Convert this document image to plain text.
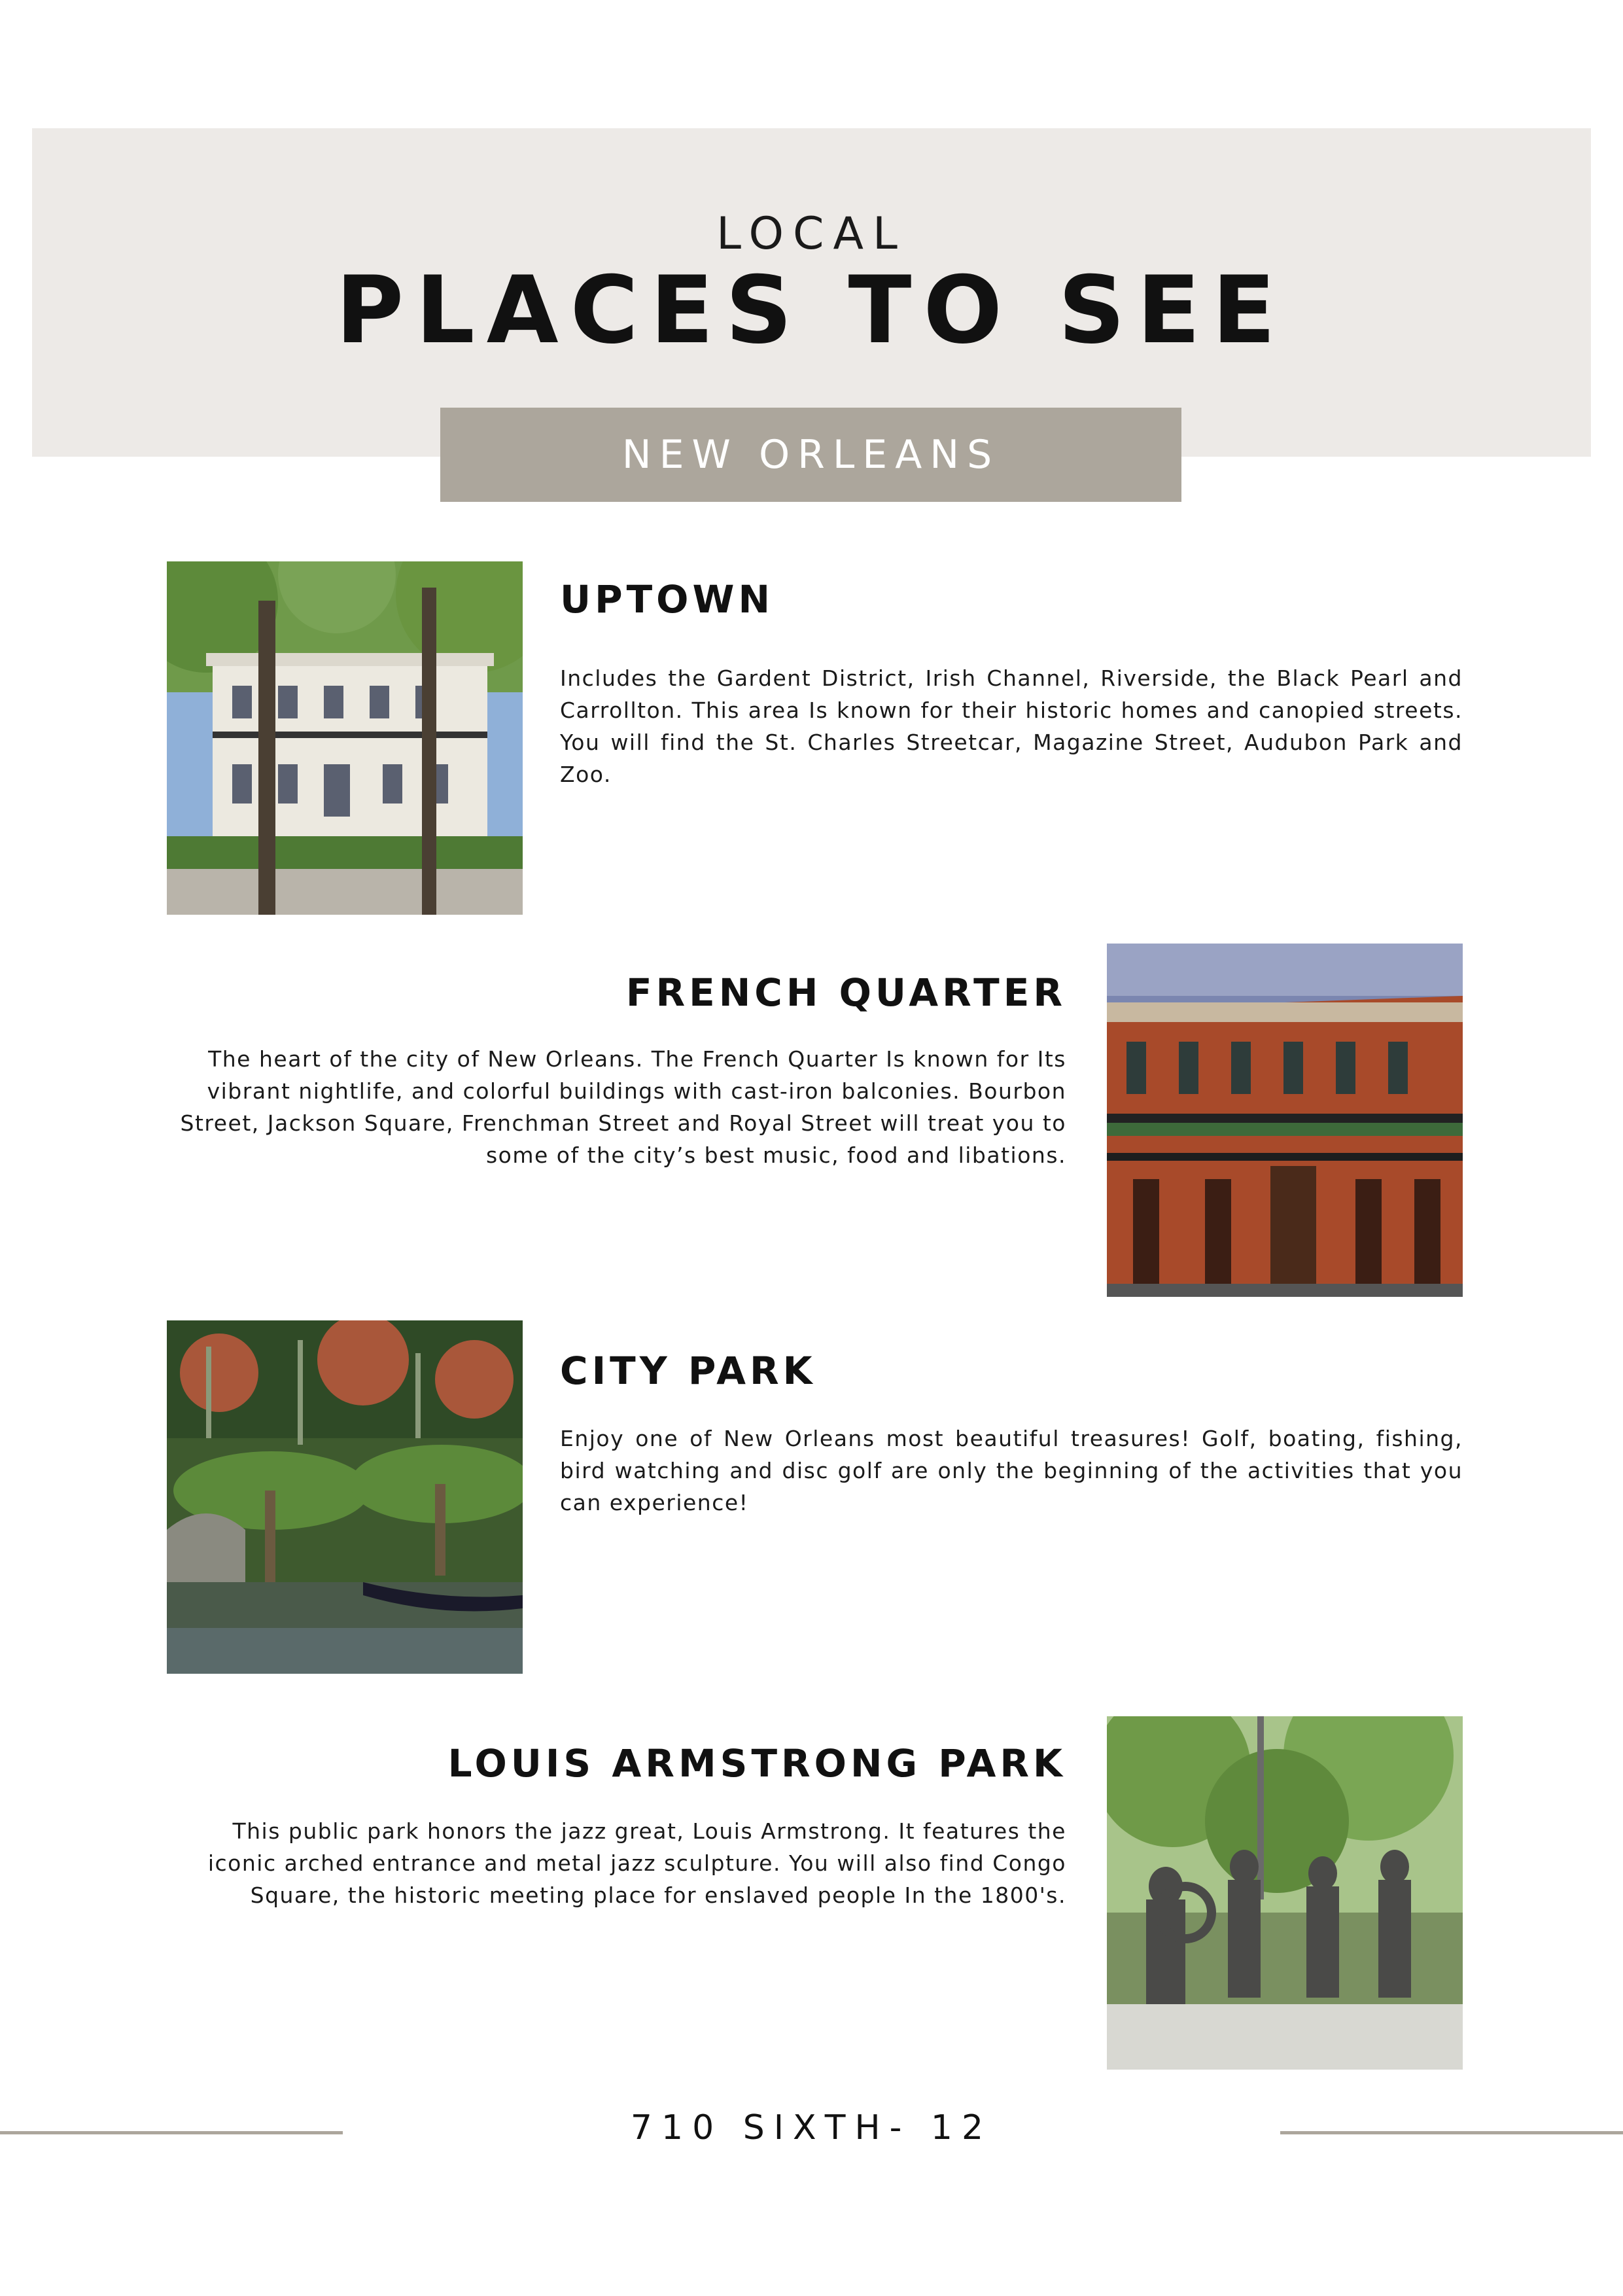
LOCAL
PLACES TO SEE
NEW ORLEANS
UPTOWN
Includes the Gardent District, Irish Channel, Riverside, the Black Pearl and Carrollton. This area Is known for their historic homes and canopied streets. You will find the St. Charles Streetcar, Magazine Street, Audubon Park and Zoo.
FRENCH QUARTER
The heart of the city of New Orleans. The French Quarter Is known for Its vibrant nightlife, and colorful buildings with cast-iron balconies. Bourbon Street, Jackson Square, Frenchman Street and Royal Street will treat you to some of the city’s best music, food and libations.
CITY PARK
Enjoy one of New Orleans most beautiful treasures! Golf, boating, fishing, bird watching and disc golf are only the beginning of the activities that you can experience!
LOUIS ARMSTRONG PARK
This public park honors the jazz great, Louis Armstrong. It features the iconic arched entrance and metal jazz sculpture. You will also find Congo Square, the historic meeting place for enslaved people In the 1800's.
710 SIXTH- 12
